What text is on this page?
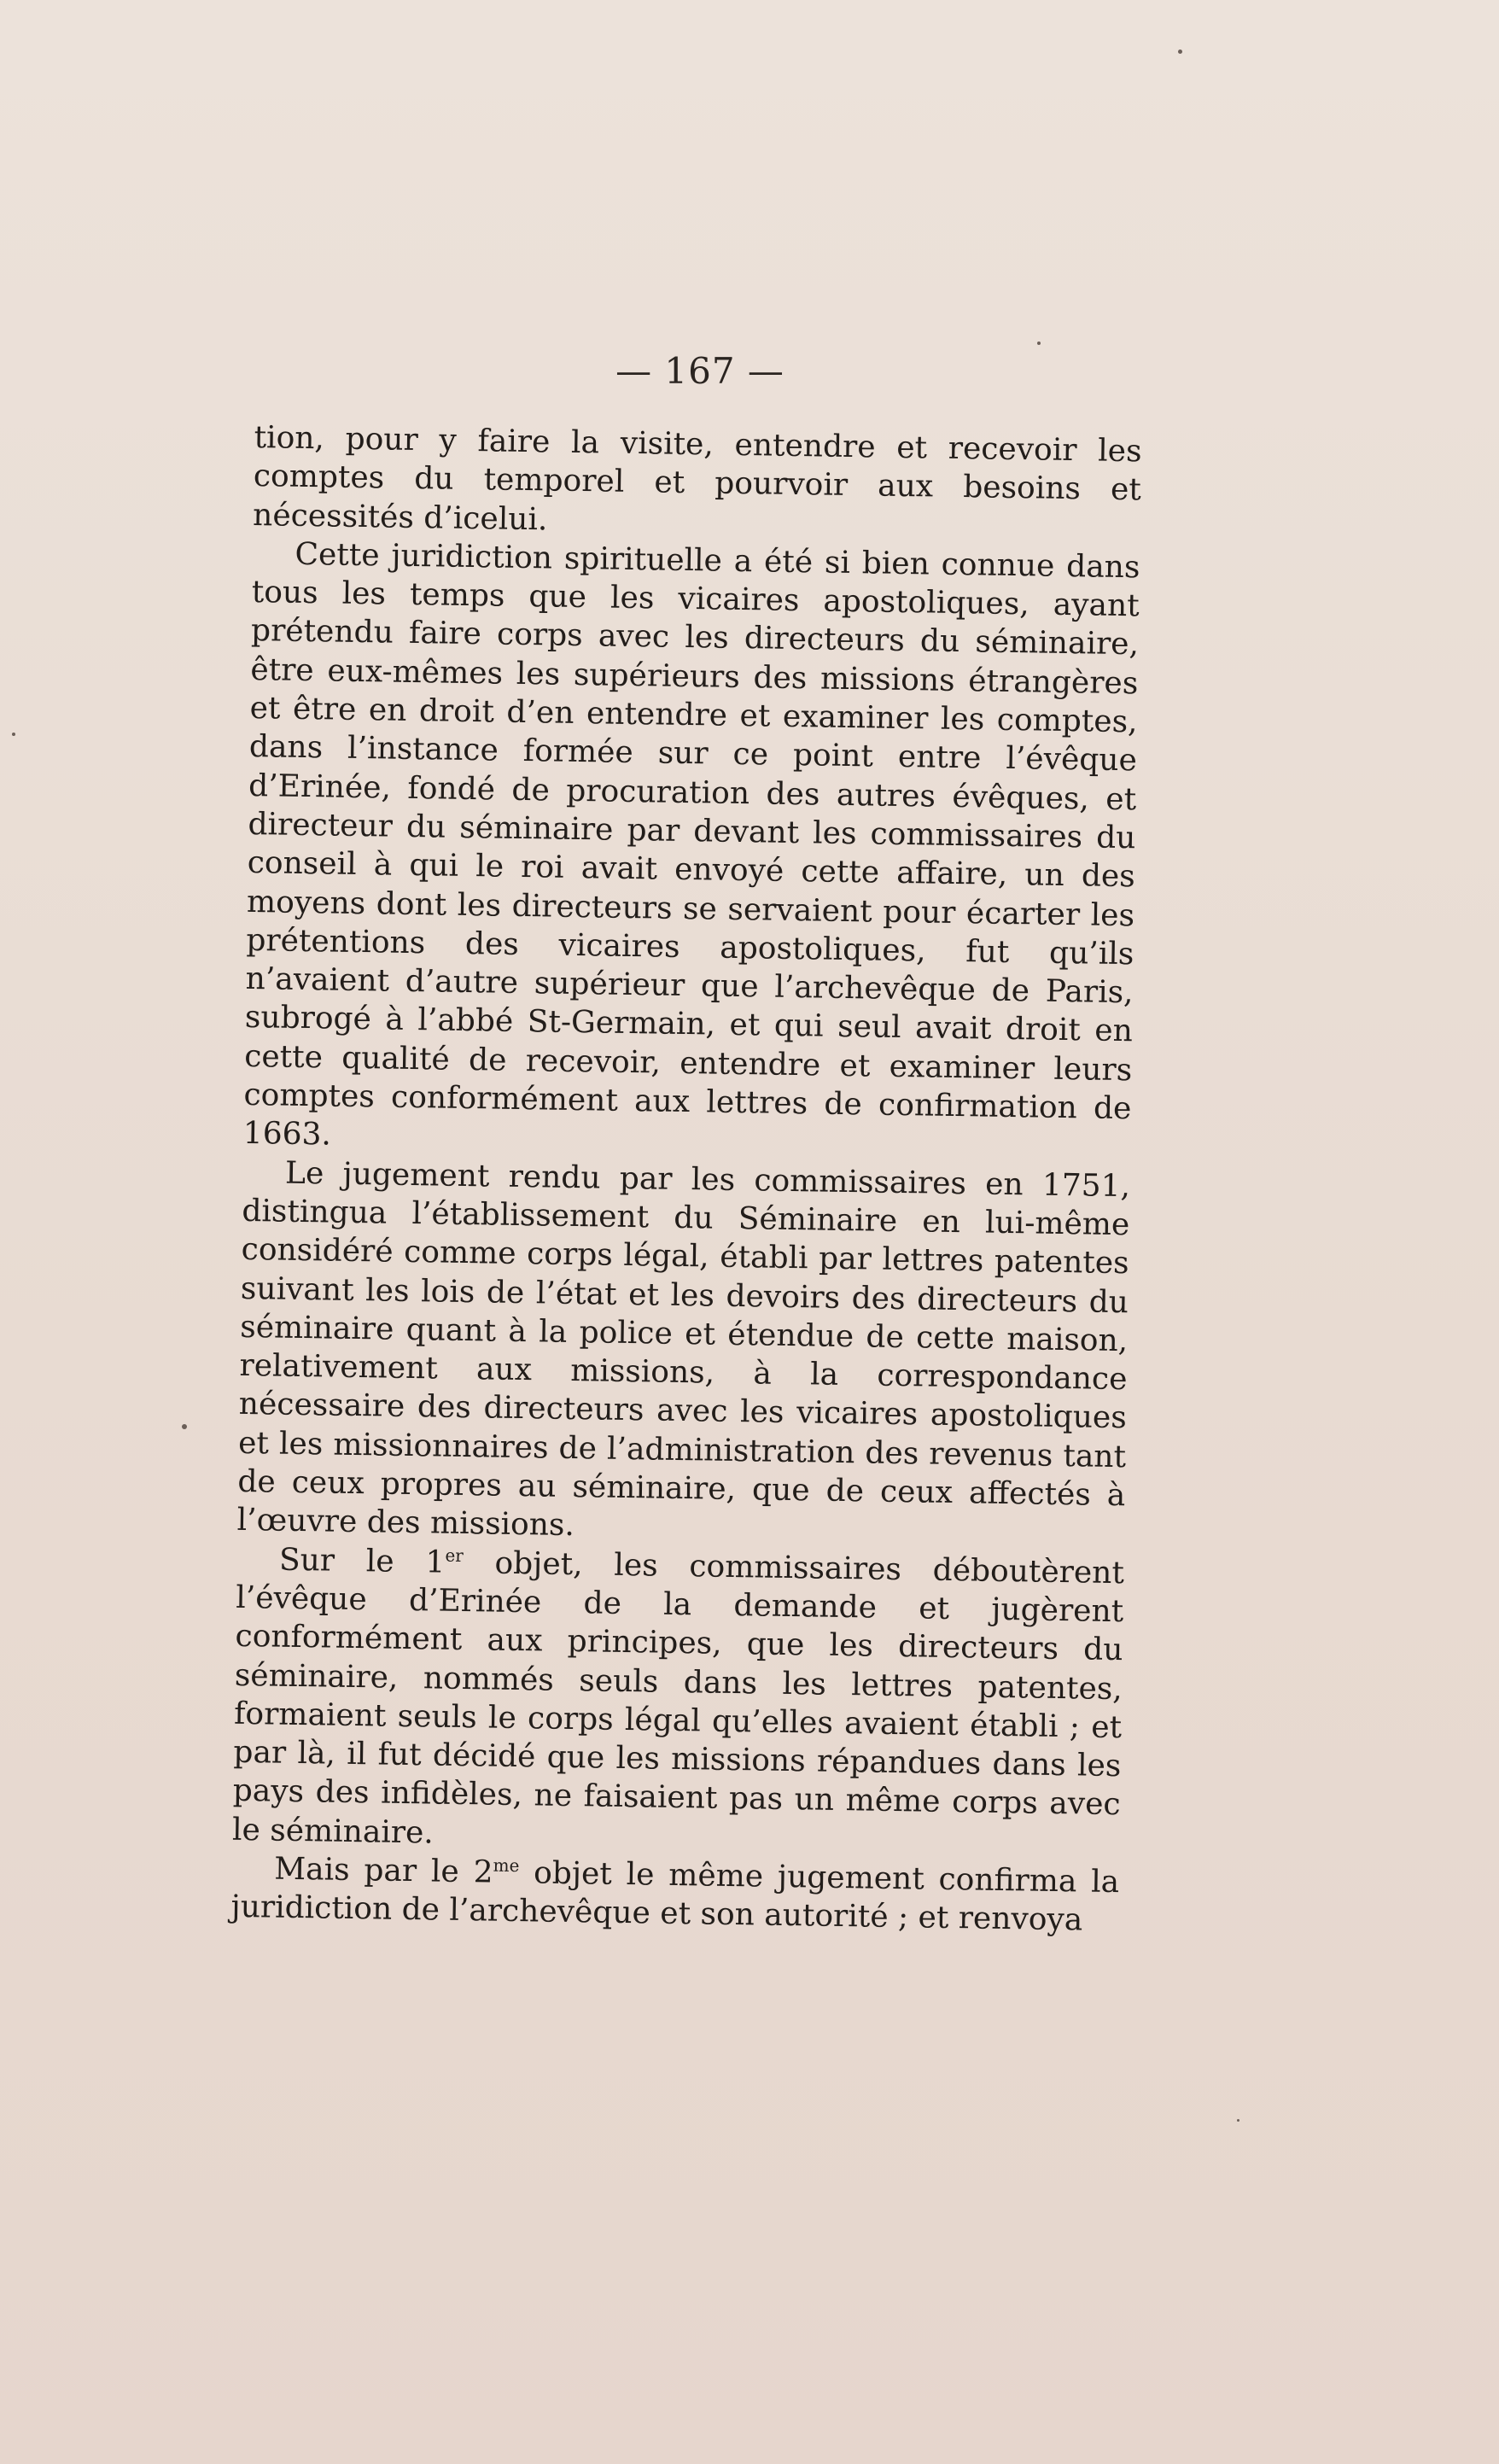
— 167 —

tion, pour y faire la visite, entendre et recevoir les comptes du temporel et pourvoir aux besoins et nécessités d’icelui.

Cette juridiction spirituelle a été si bien connue dans tous les temps que les vicaires apostoliques, ayant prétendu faire corps avec les directeurs du séminaire, être eux-mêmes les supérieurs des missions étrangères et être en droit d’en entendre et examiner les comptes, dans l’instance formée sur ce point entre l’évêque d’Erinée, fondé de procuration des autres évêques, et directeur du séminaire par devant les commissaires du conseil à qui le roi avait envoyé cette affaire, un des moyens dont les directeurs se servaient pour écarter les prétentions des vicaires apostoliques, fut qu’ils n’avaient d’autre supérieur que l’archevêque de Paris, subrogé à l’abbé St-Germain, et qui seul avait droit en cette qualité de recevoir, entendre et examiner leurs comptes conformément aux lettres de confirmation de 1663.

Le jugement rendu par les commissaires en 1751, distingua l’établissement du Séminaire en lui-même considéré comme corps légal, établi par lettres patentes suivant les lois de l’état et les devoirs des directeurs du séminaire quant à la police et étendue de cette maison, relativement aux missions, à la correspondance nécessaire des directeurs avec les vicaires apostoliques et les missionnaires de l’administration des revenus tant de ceux propres au séminaire, que de ceux affectés à l’œuvre des missions.

Sur le 1er objet, les commissaires déboutèrent l’évêque d’Erinée de la demande et jugèrent conformément aux principes, que les directeurs du séminaire, nommés seuls dans les lettres patentes, formaient seuls le corps légal qu’elles avaient établi ; et par là, il fut décidé que les missions répandues dans les pays des infidèles, ne faisaient pas un même corps avec le séminaire.

Mais par le $2^{me}$ objet le même jugement confirma la juridiction de l’archevêque et son autorité ; et renvoya
